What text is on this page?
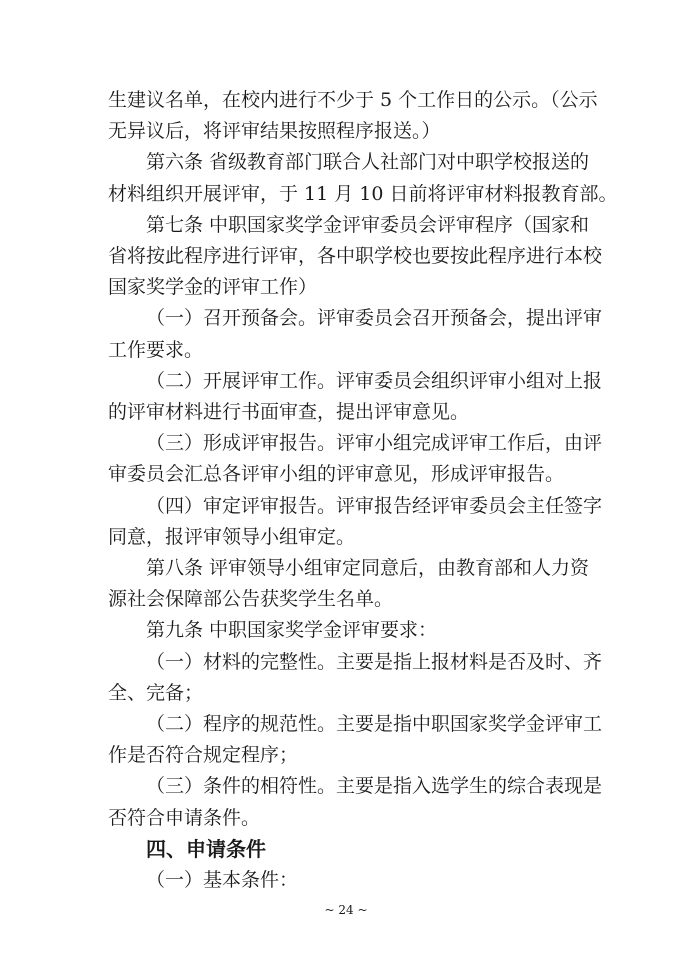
生建议名单，在校内进行不少于 5 个工作日的公示。（公示
无异议后，将评审结果按照程序报送。）
第六条 省级教育部门联合人社部门对中职学校报送的
材料组织开展评审，于 11 月 10 日前将评审材料报教育部。
第七条 中职国家奖学金评审委员会评审程序（国家和
省将按此程序进行评审，各中职学校也要按此程序进行本校
国家奖学金的评审工作）
（一）召开预备会。评审委员会召开预备会，提出评审
工作要求。
（二）开展评审工作。评审委员会组织评审小组对上报
的评审材料进行书面审查，提出评审意见。
（三）形成评审报告。评审小组完成评审工作后，由评
审委员会汇总各评审小组的评审意见，形成评审报告。
（四）审定评审报告。评审报告经评审委员会主任签字
同意，报评审领导小组审定。
第八条 评审领导小组审定同意后，由教育部和人力资
源社会保障部公告获奖学生名单。
第九条 中职国家奖学金评审要求：
（一）材料的完整性。主要是指上报材料是否及时、齐
全、完备；
（二）程序的规范性。主要是指中职国家奖学金评审工
作是否符合规定程序；
（三）条件的相符性。主要是指入选学生的综合表现是
否符合申请条件。
四、申请条件
（一）基本条件：
~ 24 ~
